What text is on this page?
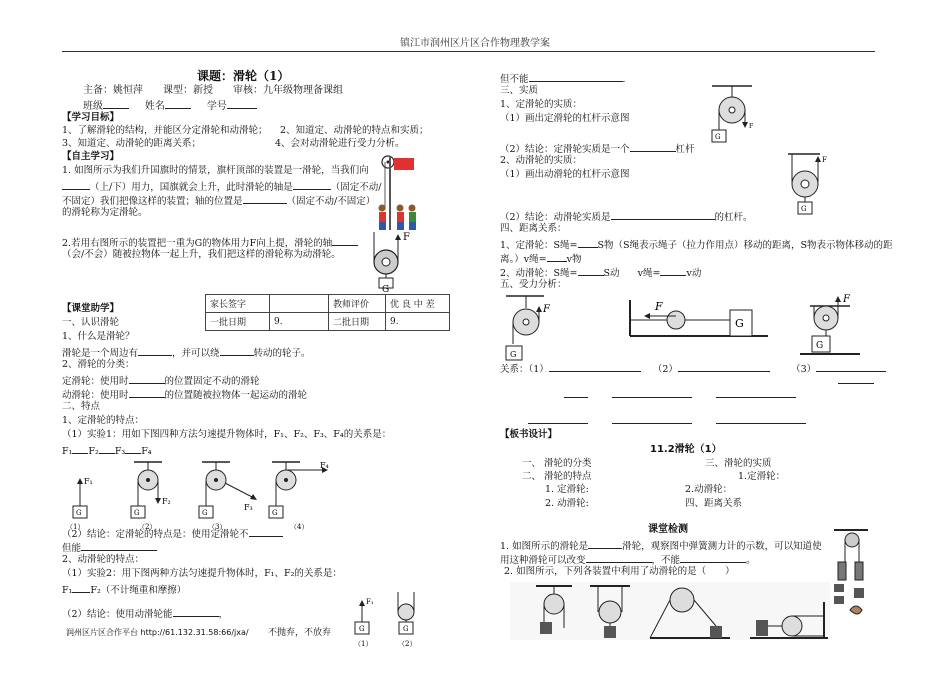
镇江市润州区片区合作物理教学案
课题：滑轮（1）
主备：姚恒萍　　课型：新授　　审核：九年级物理备课组
班级	姓名	学号
【学习目标】
1、了解滑轮的结构，并能区分定滑轮和动滑轮； 2、知道定、动滑轮的特点和实质；
3、知道定、动滑轮的距离关系；	4、会对动滑轮进行受力分析。
【自主学习】
1. 如图所示为我们升国旗时的情景，旗杆顶部的装置是一滑轮，当我们向
（上/下）用力，国旗就会上升，此时滑轮的轴是	（固定不动/
不固定）我们把像这样的装置；轴的位置是	（固定不动/不固定）
的滑轮称为定滑轮。
2.若用右图所示的装置把一重为G的物体用力F向上提，滑轮的轴
（会/不会）随被拉物体一起上升，我们把这样的滑轮称为动滑轮。
F
G
家长签字		教师评价	优 良 中 差
一批日期	9.	二批日期	9.
【课堂助学】
一、认识滑轮
1、什么是滑轮？
滑轮是一个周边有	，并可以绕	转动的轮子。
2、滑轮的分类：
定滑轮：使用时	的位置固定不动的滑轮
动滑轮：使用时	的位置随被拉物体一起运动的滑轮
二、特点
1、定滑轮的特点：
（1）实验1：用如下图四种方法匀速提升物体时，F₁、F₂、F₃、F₄的关系是：
F₁ F₂ F₃ F₄
F₁
G
F₂
G
F₃
G
F₄
G
（1）	（2）	（3）	（4）
（2）结论：定滑轮的特点是：使用定滑轮不
但能
2、动滑轮的特点：
（1）实验2：用下图两种方法匀速提升物体时，F₁、F₂的关系是：
F₁ F₂（不计绳重和摩擦）
（2）结论：使用动滑轮能	，
F₁
G	G
（1）	（2）
润州区片区合作平台 http://61.132.31.58:66/jxa/ 不抛弃，不放弃
但不能	.
三、实质
1、定滑轮的实质：
（1）画出定滑轮的杠杆示意图
（2）结论：定滑轮实质是一个	杠杆
2、动滑轮的实质：
（1）画出动滑轮的杠杆示意图
（2）结论：动滑轮实质是	的杠杆。
F
G
F
G
四、距离关系：
1、定滑轮：S绳= S物（S绳表示绳子（拉力作用点）移动的距离，S物表示物体移动的距
离。）v绳= v物
2、动滑轮：S绳=	S动 v绳=	v动
五、受力分析：
F
G
F
G
F
G
关系：（1）	（2）	（3）

【板书设计】
11.2滑轮（1）
一、 滑轮的分类	三、滑轮的实质
二、 滑轮的特点	1.定滑轮：
1. 定滑轮:	2.动滑轮：
2. 动滑轮:	四、距离关系
课堂检测
1. 如图所示的滑轮是	滑轮，观察图中弹簧测力计的示数，可以知道使
用这种滑轮可以改变	，不能	。
2. 如图所示，下列各装置中利用了动滑轮的是（　　）
